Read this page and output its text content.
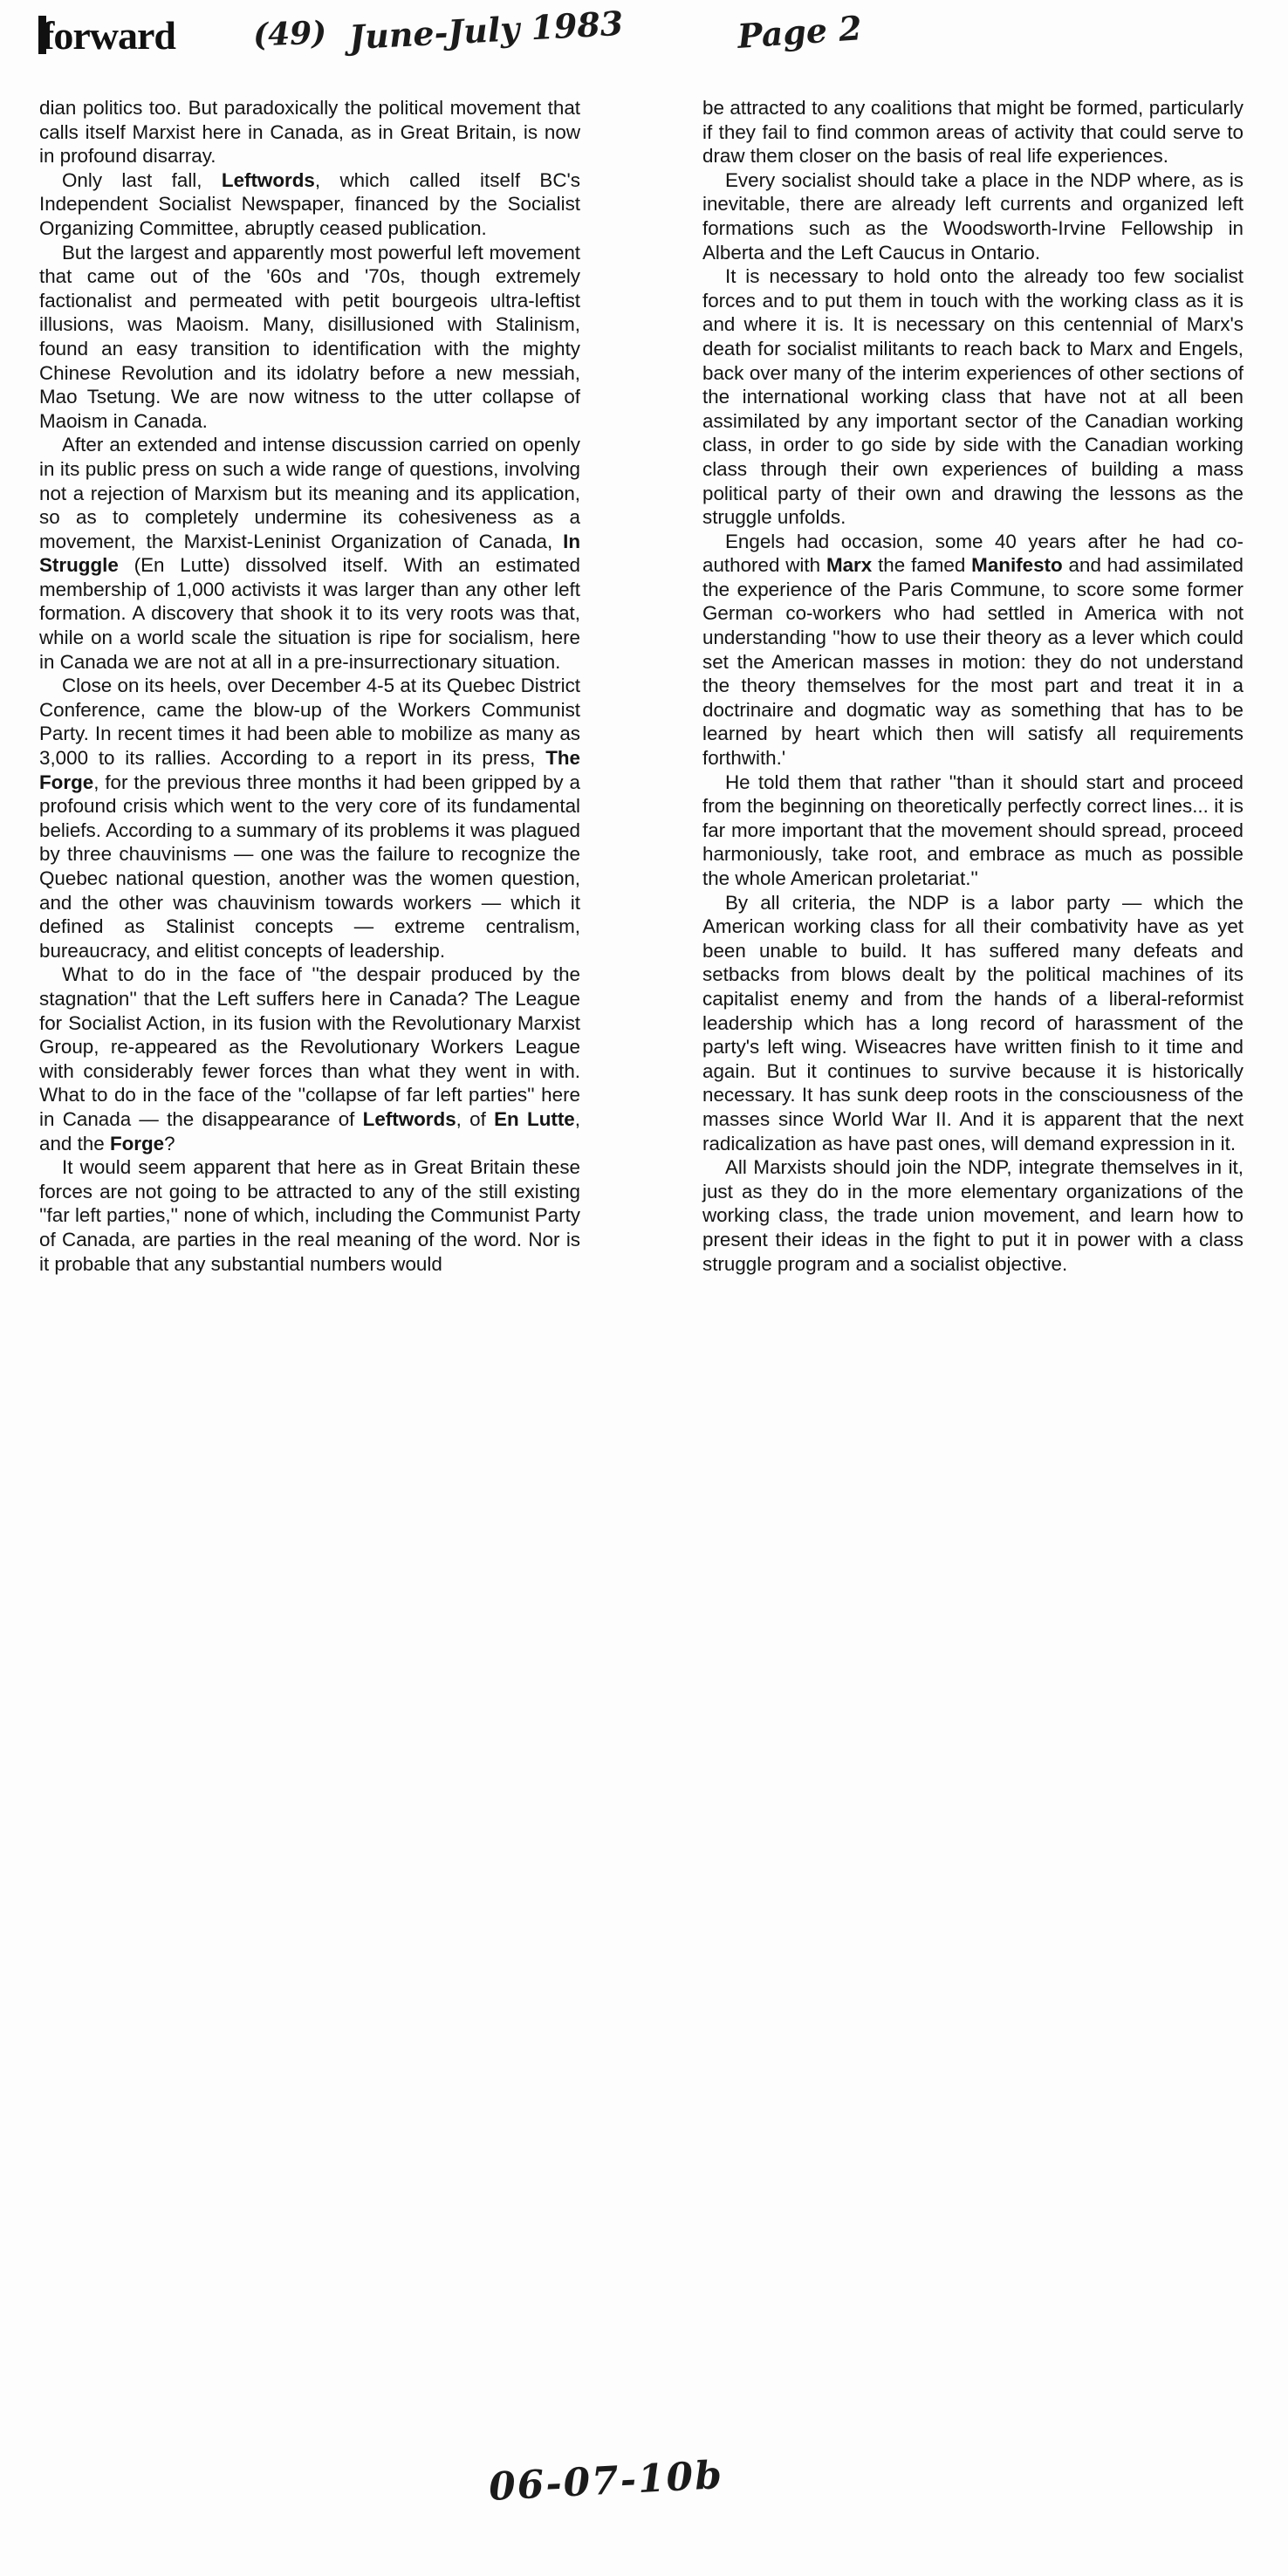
forward (49) June-July 1983	Page 2

dian politics too. But paradoxically the political movement that calls itself Marxist here in Canada, as in Great Britain, is now in profound disarray.

Only last fall, Leftwords, which called itself BC's Independent Socialist Newspaper, financed by the Socialist Organizing Committee, abruptly ceased publication.

But the largest and apparently most powerful left movement that came out of the '60s and '70s, though extremely factionalist and permeated with petit bourgeois ultra-leftist illusions, was Maoism. Many, disillusioned with Stalinism, found an easy transition to identification with the mighty Chinese Revolution and its idolatry before a new messiah, Mao Tsetung. We are now witness to the utter collapse of Maoism in Canada.

After an extended and intense discussion carried on openly in its public press on such a wide range of questions, involving not a rejection of Marxism but its meaning and its application, so as to completely undermine its cohesiveness as a movement, the Marxist-Leninist Organization of Canada, In Struggle (En Lutte) dissolved itself. With an estimated membership of 1,000 activists it was larger than any other left formation. A discovery that shook it to its very roots was that, while on a world scale the situation is ripe for socialism, here in Canada we are not at all in a pre-insurrectionary situation.

Close on its heels, over December 4-5 at its Quebec District Conference, came the blow-up of the Workers Communist Party. In recent times it had been able to mobilize as many as 3,000 to its rallies. According to a report in its press, The Forge, for the previous three months it had been gripped by a profound crisis which went to the very core of its fundamental beliefs. According to a summary of its problems it was plagued by three chauvinisms — one was the failure to recognize the Quebec national question, another was the women question, and the other was chauvinism towards workers — which it defined as Stalinist concepts — extreme centralism, bureaucracy, and elitist concepts of leadership.

What to do in the face of ''the despair produced by the stagnation'' that the Left suffers here in Canada? The League for Socialist Action, in its fusion with the Revolutionary Marxist Group, re-appeared as the Revolutionary Workers League with considerably fewer forces than what they went in with. What to do in the face of the ''collapse of far left parties'' here in Canada — the disappearance of Leftwords, of En Lutte, and the Forge?

It would seem apparent that here as in Great Britain these forces are not going to be attracted to any of the still existing ''far left parties,'' none of which, including the Communist Party of Canada, are parties in the real meaning of the word. Nor is it probable that any substantial numbers would

be attracted to any coalitions that might be formed, particularly if they fail to find common areas of activity that could serve to draw them closer on the basis of real life experiences.

Every socialist should take a place in the NDP where, as is inevitable, there are already left currents and organized left formations such as the Woodsworth-Irvine Fellowship in Alberta and the Left Caucus in Ontario.

It is necessary to hold onto the already too few socialist forces and to put them in touch with the working class as it is and where it is. It is necessary on this centennial of Marx's death for socialist militants to reach back to Marx and Engels, back over many of the interim experiences of other sections of the international working class that have not at all been assimilated by any important sector of the Canadian working class, in order to go side by side with the Canadian working class through their own experiences of building a mass political party of their own and drawing the lessons as the struggle unfolds.

Engels had occasion, some 40 years after he had co-authored with Marx the famed Manifesto and had assimilated the experience of the Paris Commune, to score some former German co-workers who had settled in America with not understanding ''how to use their theory as a lever which could set the American masses in motion: they do not understand the theory themselves for the most part and treat it in a doctrinaire and dogmatic way as something that has to be learned by heart which then will satisfy all requirements forthwith.'

He told them that rather ''than it should start and proceed from the beginning on theoretically perfectly correct lines... it is far more important that the movement should spread, proceed harmoniously, take root, and embrace as much as possible the whole American proletariat.''

By all criteria, the NDP is a labor party — which the American working class for all their combativity have as yet been unable to build. It has suffered many defeats and setbacks from blows dealt by the political machines of its capitalist enemy and from the hands of a liberal-reformist leadership which has a long record of harassment of the party's left wing. Wiseacres have written finish to it time and again. But it continues to survive because it is historically necessary. It has sunk deep roots in the consciousness of the masses since World War II. And it is apparent that the next radicalization as have past ones, will demand expression in it.

All Marxists should join the NDP, integrate themselves in it, just as they do in the more elementary organizations of the working class, the trade union movement, and learn how to present their ideas in the fight to put it in power with a class struggle program and a socialist objective.

06-07-10b
